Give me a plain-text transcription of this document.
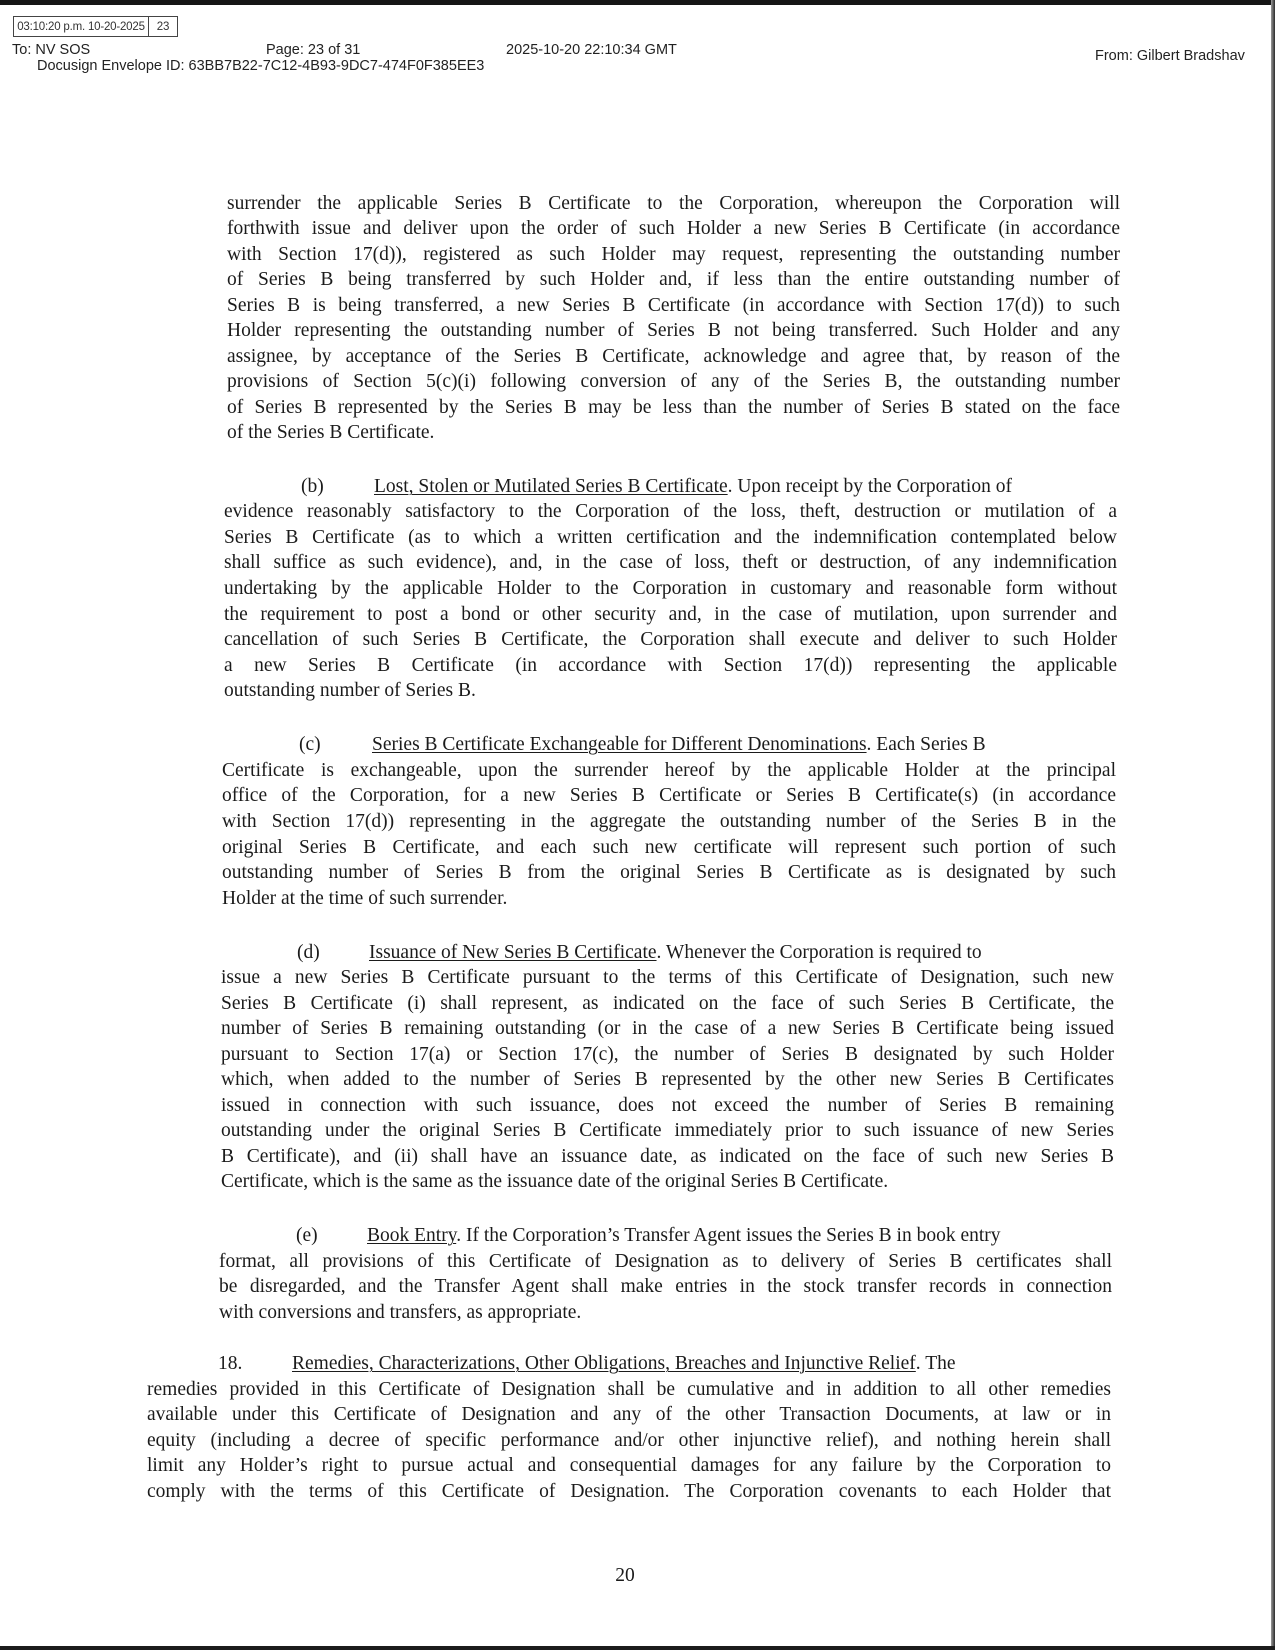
03:10:20 p.m. 10-20-2025	23
To: NV SOS	Page: 23 of 31	2025-10-20 22:10:34 GMT	From: Gilbert Bradshav
Docusign Envelope ID: 63BB7B22-7C12-4B93-9DC7-474F0F385EE3
surrender the applicable Series B Certificate to the Corporation, whereupon the Corporation will
forthwith issue and deliver upon the order of such Holder a new Series B Certificate (in accordance
with Section 17(d)), registered as such Holder may request, representing the outstanding number
of Series B being transferred by such Holder and, if less than the entire outstanding number of
Series B is being transferred, a new Series B Certificate (in accordance with Section 17(d)) to such
Holder representing the outstanding number of Series B not being transferred. Such Holder and any
assignee, by acceptance of the Series B Certificate, acknowledge and agree that, by reason of the
provisions of Section 5(c)(i) following conversion of any of the Series B, the outstanding number
of Series B represented by the Series B may be less than the number of Series B stated on the face
of the Series B Certificate.
(b)	Lost, Stolen or Mutilated Series B Certificate. Upon receipt by the Corporation of
evidence reasonably satisfactory to the Corporation of the loss, theft, destruction or mutilation of a
Series B Certificate (as to which a written certification and the indemnification contemplated below
shall suffice as such evidence), and, in the case of loss, theft or destruction, of any indemnification
undertaking by the applicable Holder to the Corporation in customary and reasonable form without
the requirement to post a bond or other security and, in the case of mutilation, upon surrender and
cancellation of such Series B Certificate, the Corporation shall execute and deliver to such Holder
a new Series B Certificate (in accordance with Section 17(d)) representing the applicable
outstanding number of Series B.
(c)	Series B Certificate Exchangeable for Different Denominations. Each Series B
Certificate is exchangeable, upon the surrender hereof by the applicable Holder at the principal
office of the Corporation, for a new Series B Certificate or Series B Certificate(s) (in accordance
with Section 17(d)) representing in the aggregate the outstanding number of the Series B in the
original Series B Certificate, and each such new certificate will represent such portion of such
outstanding number of Series B from the original Series B Certificate as is designated by such
Holder at the time of such surrender.
(d)	Issuance of New Series B Certificate. Whenever the Corporation is required to
issue a new Series B Certificate pursuant to the terms of this Certificate of Designation, such new
Series B Certificate (i) shall represent, as indicated on the face of such Series B Certificate, the
number of Series B remaining outstanding (or in the case of a new Series B Certificate being issued
pursuant to Section 17(a) or Section 17(c), the number of Series B designated by such Holder
which, when added to the number of Series B represented by the other new Series B Certificates
issued in connection with such issuance, does not exceed the number of Series B remaining
outstanding under the original Series B Certificate immediately prior to such issuance of new Series
B Certificate), and (ii) shall have an issuance date, as indicated on the face of such new Series B
Certificate, which is the same as the issuance date of the original Series B Certificate.
(e)	Book Entry. If the Corporation’s Transfer Agent issues the Series B in book entry
format, all provisions of this Certificate of Designation as to delivery of Series B certificates shall
be disregarded, and the Transfer Agent shall make entries in the stock transfer records in connection
with conversions and transfers, as appropriate.
18.	Remedies, Characterizations, Other Obligations, Breaches and Injunctive Relief. The
remedies provided in this Certificate of Designation shall be cumulative and in addition to all other remedies
available under this Certificate of Designation and any of the other Transaction Documents, at law or in
equity (including a decree of specific performance and/or other injunctive relief), and nothing herein shall
limit any Holder’s right to pursue actual and consequential damages for any failure by the Corporation to
comply with the terms of this Certificate of Designation. The Corporation covenants to each Holder that
20
